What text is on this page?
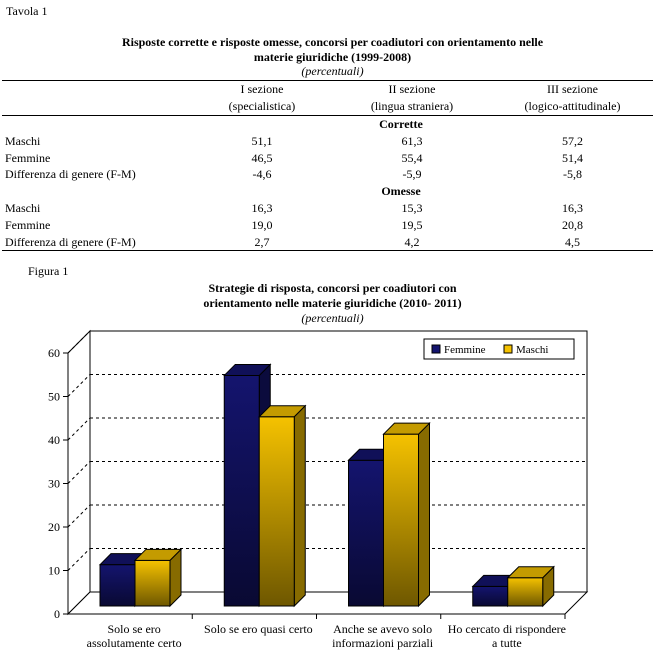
Tavola 1
Risposte corrette e risposte omesse, concorsi per coadiutori con orientamento nelle
materie giuridiche (1999-2008)
(percentuali)
	I sezione	II sezione	III sezione
	(specialistica)	(lingua straniera)	(logico-attitudinale)
Corrette			
Maschi	51,1	61,3	57,2
Femmine	46,5	55,4	51,4
Differenza di genere (F-M)	-4,6	-5,9	-5,8
Omesse			
Maschi	16,3	15,3	16,3
Femmine	19,0	19,5	20,8
Differenza di genere (F-M)	2,7	4,2	4,5
Figura 1
Strategie di risposta, concorsi per coadiutori con
orientamento nelle materie giuridiche (2010- 2011)
(percentuali)
0
10
20
30
40
50
60
Solo se ero
assolutamente certo
Solo se ero quasi certo Anche se avevo solo
informazioni parziali
Ho cercato di rispondere
a tutte
Femmine	Maschi
